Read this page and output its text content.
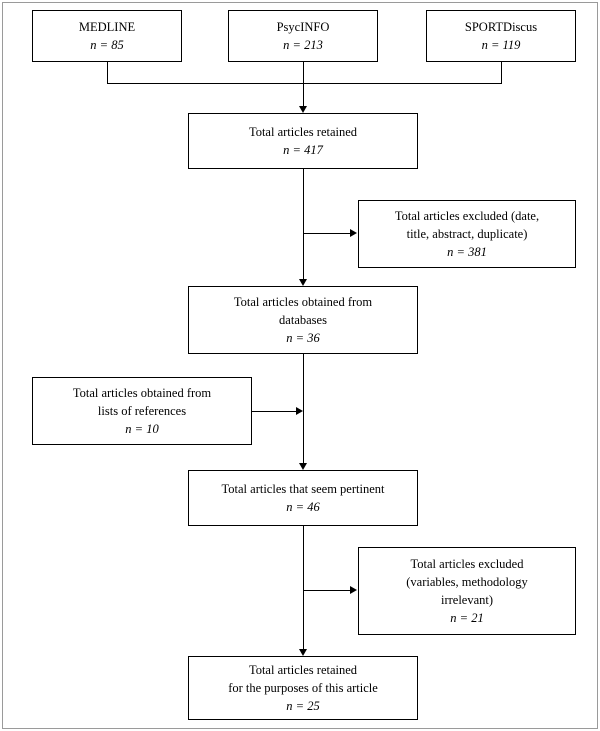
MEDLINE
n = 85
PsycINFO
n = 213
SPORTDiscus
n = 119
Total articles retained
n = 417
Total articles excluded (date,
title, abstract, duplicate)
n = 381
Total articles obtained from
databases
n = 36
Total articles obtained from
lists of references
n = 10
Total articles that seem pertinent
n = 46
Total articles excluded
(variables, methodology
irrelevant)
n = 21
Total articles retained
for the purposes of this article
n = 25
